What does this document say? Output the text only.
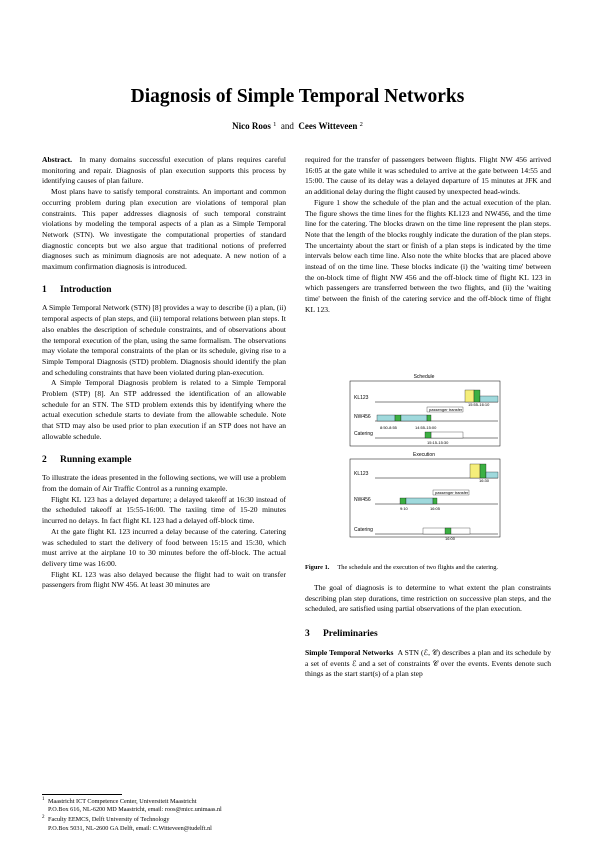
Diagnosis of Simple Temporal Networks
Nico Roos $^1$ and Cees Witteveen $^2$

Abstract. In many domains successful execution of plans requires careful monitoring and repair. Diagnosis of plan execution supports this process by identifying causes of plan failure.

Most plans have to satisfy temporal constraints. An important and common occurring problem during plan execution are violations of temporal plan constraints. This paper addresses diagnosis of such temporal constraint violations by modeling the temporal aspects of a plan as a Simple Temporal Network (STN). We investigate the computational properties of standard diagnostic concepts but we also argue that traditional notions of preferred diagnoses such as minimum diagnosis are not adequate. A new notion of a maximum confirmation diagnosis is introduced.

1 Introduction

A Simple Temporal Network (STN) [8] provides a way to describe (i) a plan, (ii) temporal aspects of plan steps, and (iii) temporal relations between plan steps. It also enables the description of schedule constraints, and of observations about the temporal execution of the plan, using the same formalism. The observations may violate the temporal constraints of the plan or its schedule, giving rise to a Simple Temporal Diagnosis (STD) problem. Diagnosis should identify the plan and scheduling constraints that have been violated during plan-execution.

A Simple Temporal Diagnosis problem is related to a Simple Temporal Problem (STP) [8]. An STP addressed the identification of an allowable schedule for an STN. The STD problem extends this by identifying where the actual execution schedule starts to deviate from the allowable schedule. Note that STD may also be used prior to plan execution if an STP does not have an allowable schedule.

2 Running example

To illustrate the ideas presented in the following sections, we will use a problem from the domain of Air Traffic Control as a running example.

Flight KL 123 has a delayed departure; a delayed takeoff at 16:30 instead of the scheduled takeoff at 15:55-16:00. The taxiing time of 15-20 minutes incurred no delays. In fact flight KL 123 had a delayed off-block time.

At the gate flight KL 123 incurred a delay because of the catering. Catering was scheduled to start the delivery of food between 15:15 and 15:30, which must arrive at the airplane 10 to 30 minutes before the off-block. The actual delivery time was 16:00.

Flight KL 123 was also delayed because the flight had to wait on transfer passengers from flight NW 456. At least 30 minutes are

$^1$ Maastricht ICT Competence Center, Universiteit Maastricht
P.O.Box 616, NL-6200 MD Maastricht, email: roos@micc.unimaas.nl
$^2$ Faculty EEMCS, Delft University of Technology
P.O.Box 5031, NL-2600 GA Delft, email: C.Witteveen@tudelft.nl

required for the transfer of passengers between flights. Flight NW 456 arrived 16:05 at the gate while it was scheduled to arrive at the gate between 14:55 and 15:00. The cause of its delay was a delayed departure of 15 minutes at JFK and an additional delay during the flight caused by unexpected head-winds.

Figure 1 show the schedule of the plan and the actual execution of the plan. The figure shows the time lines for the flights KL123 and NW456, and the time line for the catering. The blocks drawn on the time line represent the plan steps. Note that the length of the blocks roughly indicate the duration of the plan steps. The uncertainty about the start or finish of a plan steps is indicated by the time intervals below each time line. Also note the white blocks that are placed above instead of on the time line. These blocks indicate (i) the 'waiting time' between the on-block time of flight NW 456 and the off-block time of flight KL 123 in which passengers are transferred between the two flights, and (ii) the 'waiting time' between the finish of the catering service and the off-block time of flight KL 123.

Schedule
KL123
NW456
Catering
passenger transfer
15:55-16:10
8:50-8:55	14:55-15:00
15:15-15:30
Execution
KL123
NW456
Catering
16:30
passenger transfer
9:10	16:05
16:00
Figure 1. The schedule and the execution of two flights and the catering.

The goal of diagnosis is to determine to what extent the plan constraints describing plan step durations, time restriction on successive plan steps, and the scheduled, are satisfied using partial observations of the plan execution.

3 Preliminaries

Simple Temporal Networks A STN (ℰ, 𝒞) describes a plan and its schedule by a set of events ℰ and a set of constraints 𝒞 over the events. Events denote such things as the start start(s) of a plan step
